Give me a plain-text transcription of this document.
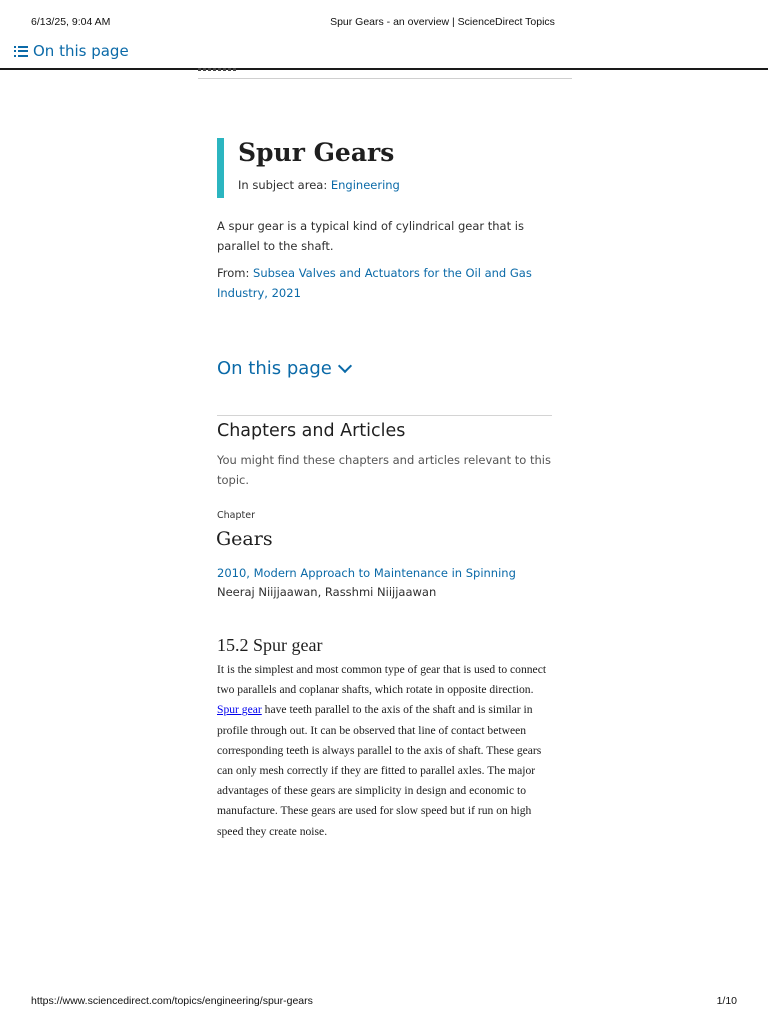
6/13/25, 9:04 AM	Spur Gears - an overview | ScienceDirect Topics
On this page
Spur Gears
In subject area: Engineering

A spur gear is a typical kind of cylindrical gear that is parallel to the shaft.

From: Subsea Valves and Actuators for the Oil and Gas Industry, 2021

On this page
Chapters and Articles

You might find these chapters and articles relevant to this topic.

Chapter
Gears
2010, Modern Approach to Maintenance in Spinning
Neeraj Niijjaawan, Rasshmi Niijjaawan
15.2 Spur gear

It is the simplest and most common type of gear that is used to connect two parallels and coplanar shafts, which rotate in opposite direction. Spur gear have teeth parallel to the axis of the shaft and is similar in profile through out. It can be observed that line of contact between corresponding teeth is always parallel to the axis of shaft. These gears can only mesh correctly if they are fitted to parallel axles. The major advantages of these gears are simplicity in design and economic to manufacture. These gears are used for slow speed but if run on high speed they create noise.

https://www.sciencedirect.com/topics/engineering/spur-gears	1/10
